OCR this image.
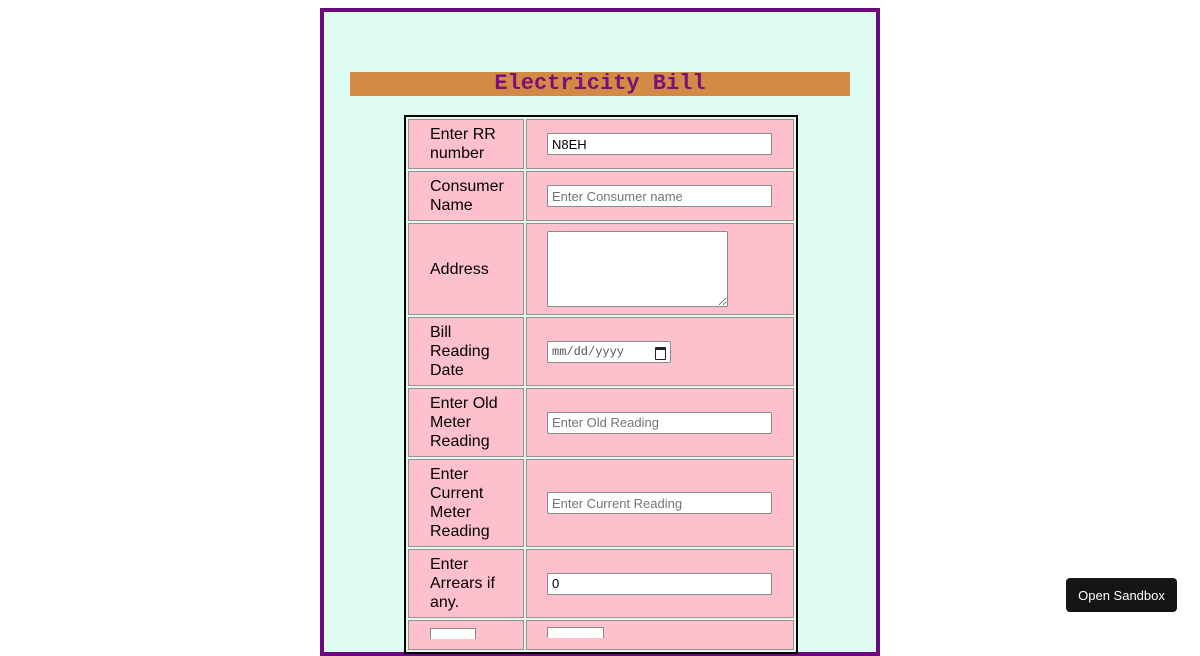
Electricity Bill
Enter RR number	N8EH
Consumer Name	Enter Consumer name
Address	

Bill Reading Date	mm/dd/yyyy

Enter Old Meter Reading	Enter Old Reading
Enter Current Meter Reading	Enter Current Reading
Enter Arrears if any.	0
		Open Sandbox
